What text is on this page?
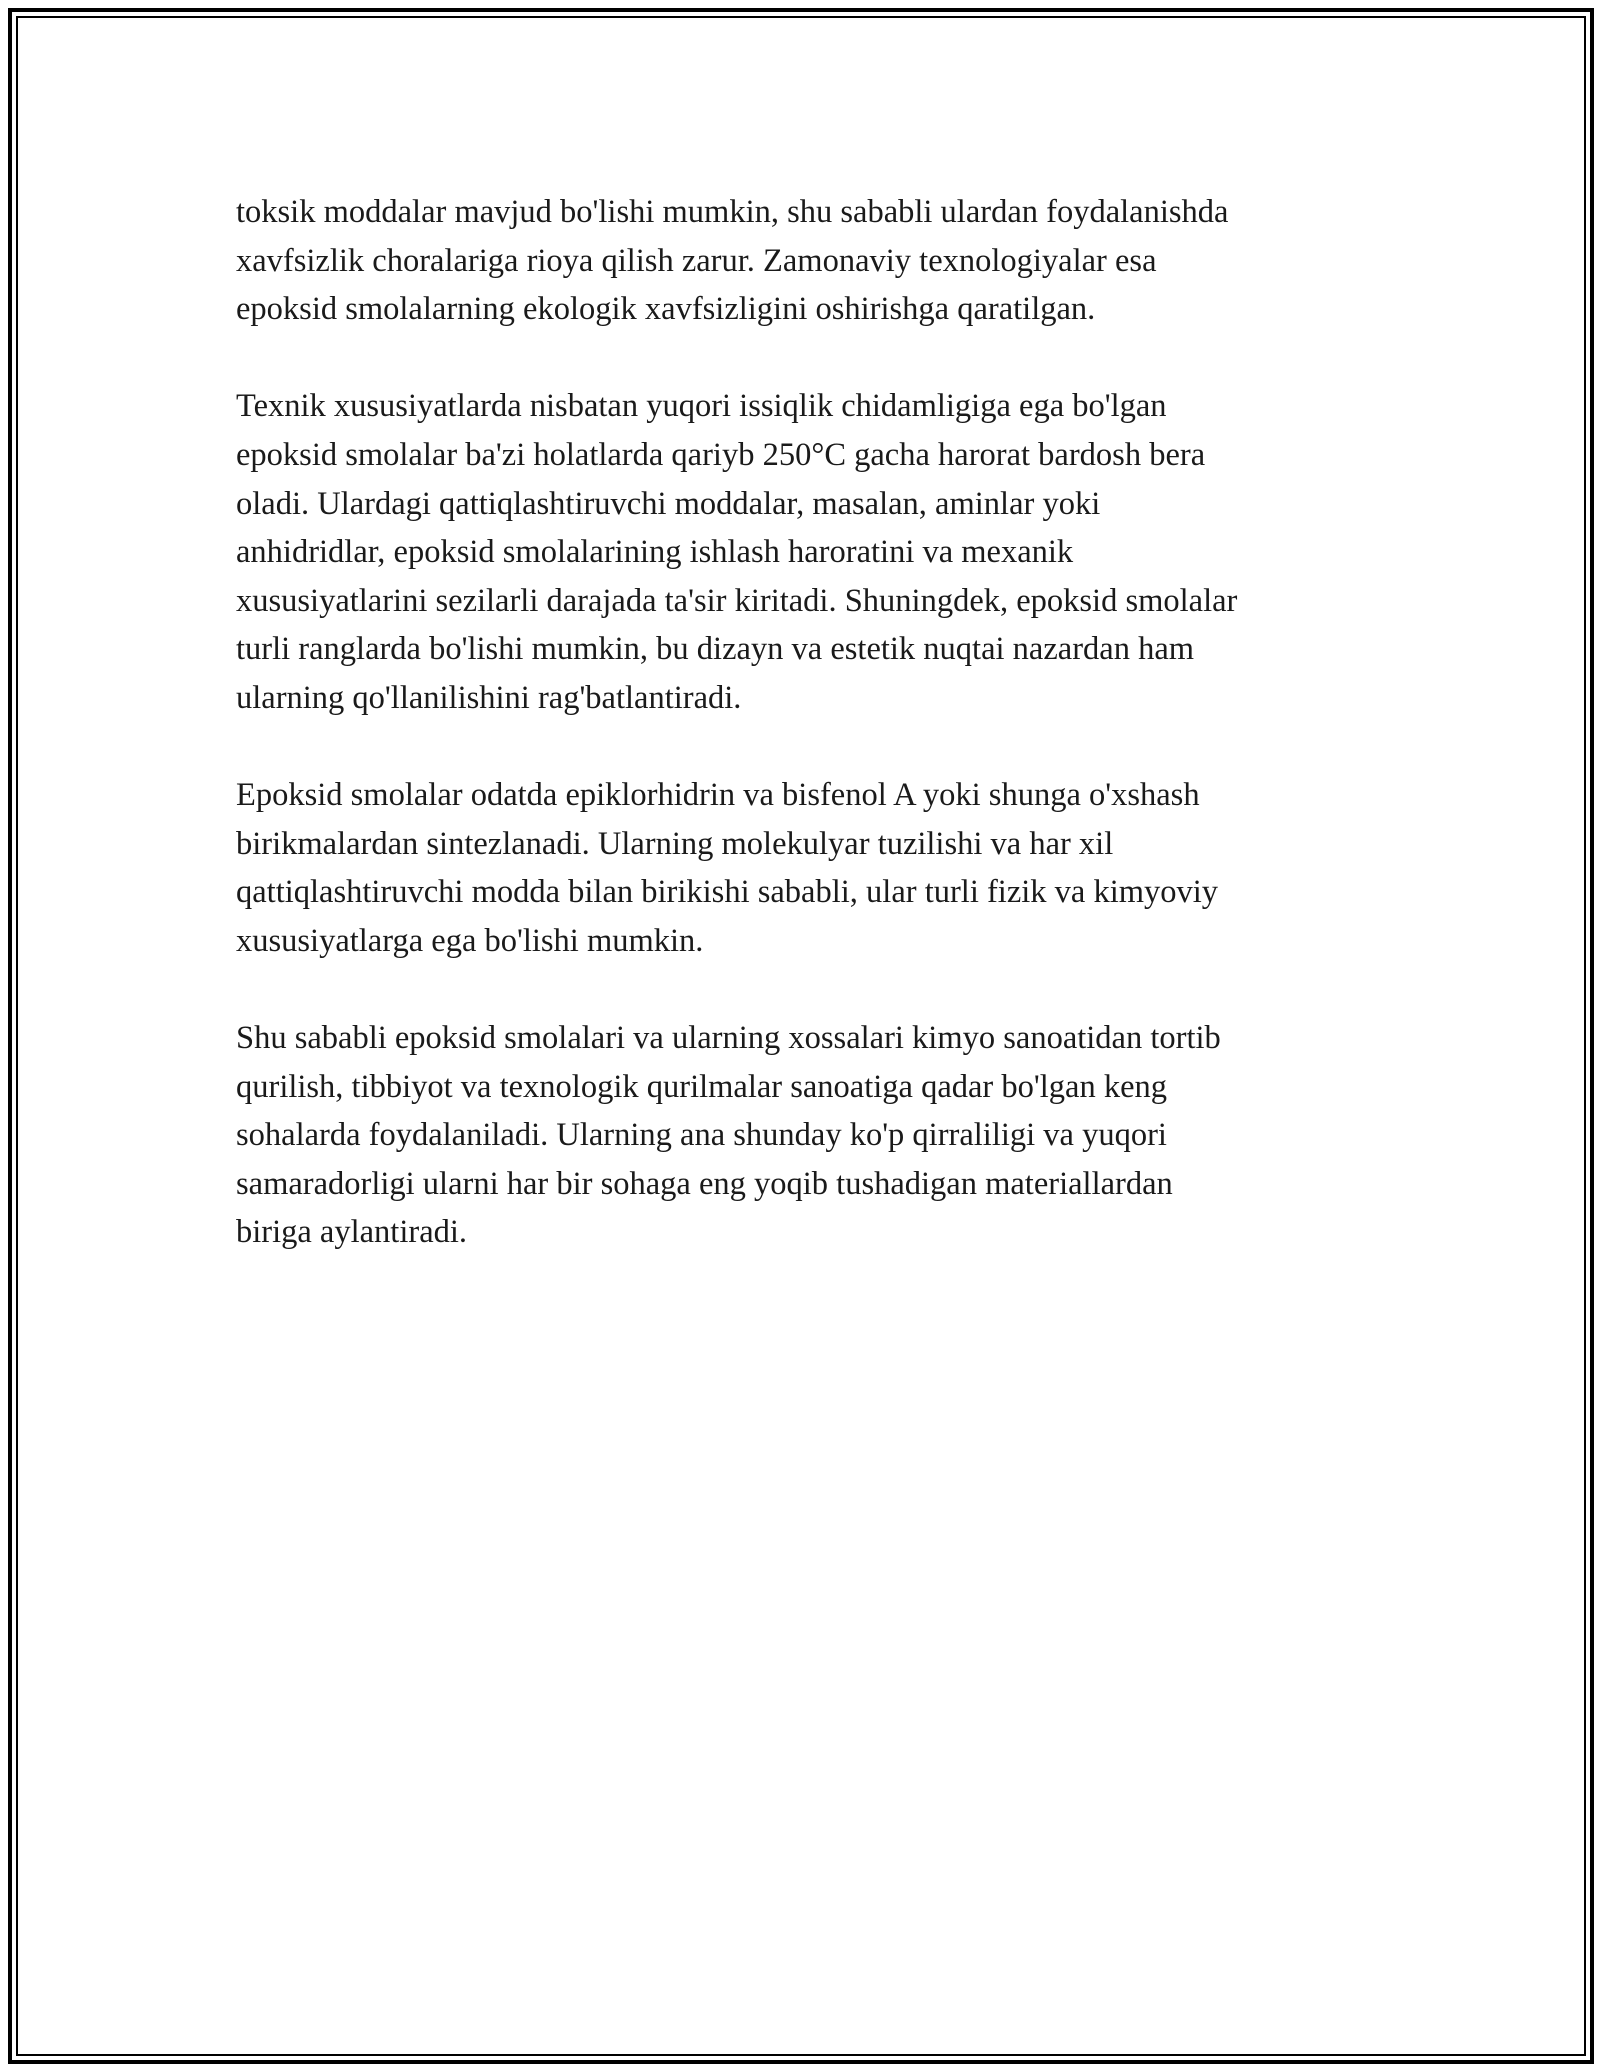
toksik moddalar mavjud bo'lishi mumkin, shu sababli ulardan foydalanishda
xavfsizlik choralariga rioya qilish zarur. Zamonaviy texnologiyalar esa
epoksid smolalarning ekologik xavfsizligini oshirishga qaratilgan.

Texnik xususiyatlarda nisbatan yuqori issiqlik chidamligiga ega bo'lgan
epoksid smolalar ba'zi holatlarda qariyb 250°C gacha harorat bardosh bera
oladi. Ulardagi qattiqlashtiruvchi moddalar, masalan, aminlar yoki
anhidridlar, epoksid smolalarining ishlash haroratini va mexanik
xususiyatlarini sezilarli darajada ta'sir kiritadi. Shuningdek, epoksid smolalar
turli ranglarda bo'lishi mumkin, bu dizayn va estetik nuqtai nazardan ham
ularning qo'llanilishini rag'batlantiradi.

Epoksid smolalar odatda epiklorhidrin va bisfenol A yoki shunga o'xshash
birikmalardan sintezlanadi. Ularning molekulyar tuzilishi va har xil
qattiqlashtiruvchi modda bilan birikishi sababli, ular turli fizik va kimyoviy
xususiyatlarga ega bo'lishi mumkin.

Shu sababli epoksid smolalari va ularning xossalari kimyo sanoatidan tortib
qurilish, tibbiyot va texnologik qurilmalar sanoatiga qadar bo'lgan keng
sohalarda foydalaniladi. Ularning ana shunday ko'p qirraliligi va yuqori
samaradorligi ularni har bir sohaga eng yoqib tushadigan materiallardan
biriga aylantiradi.
